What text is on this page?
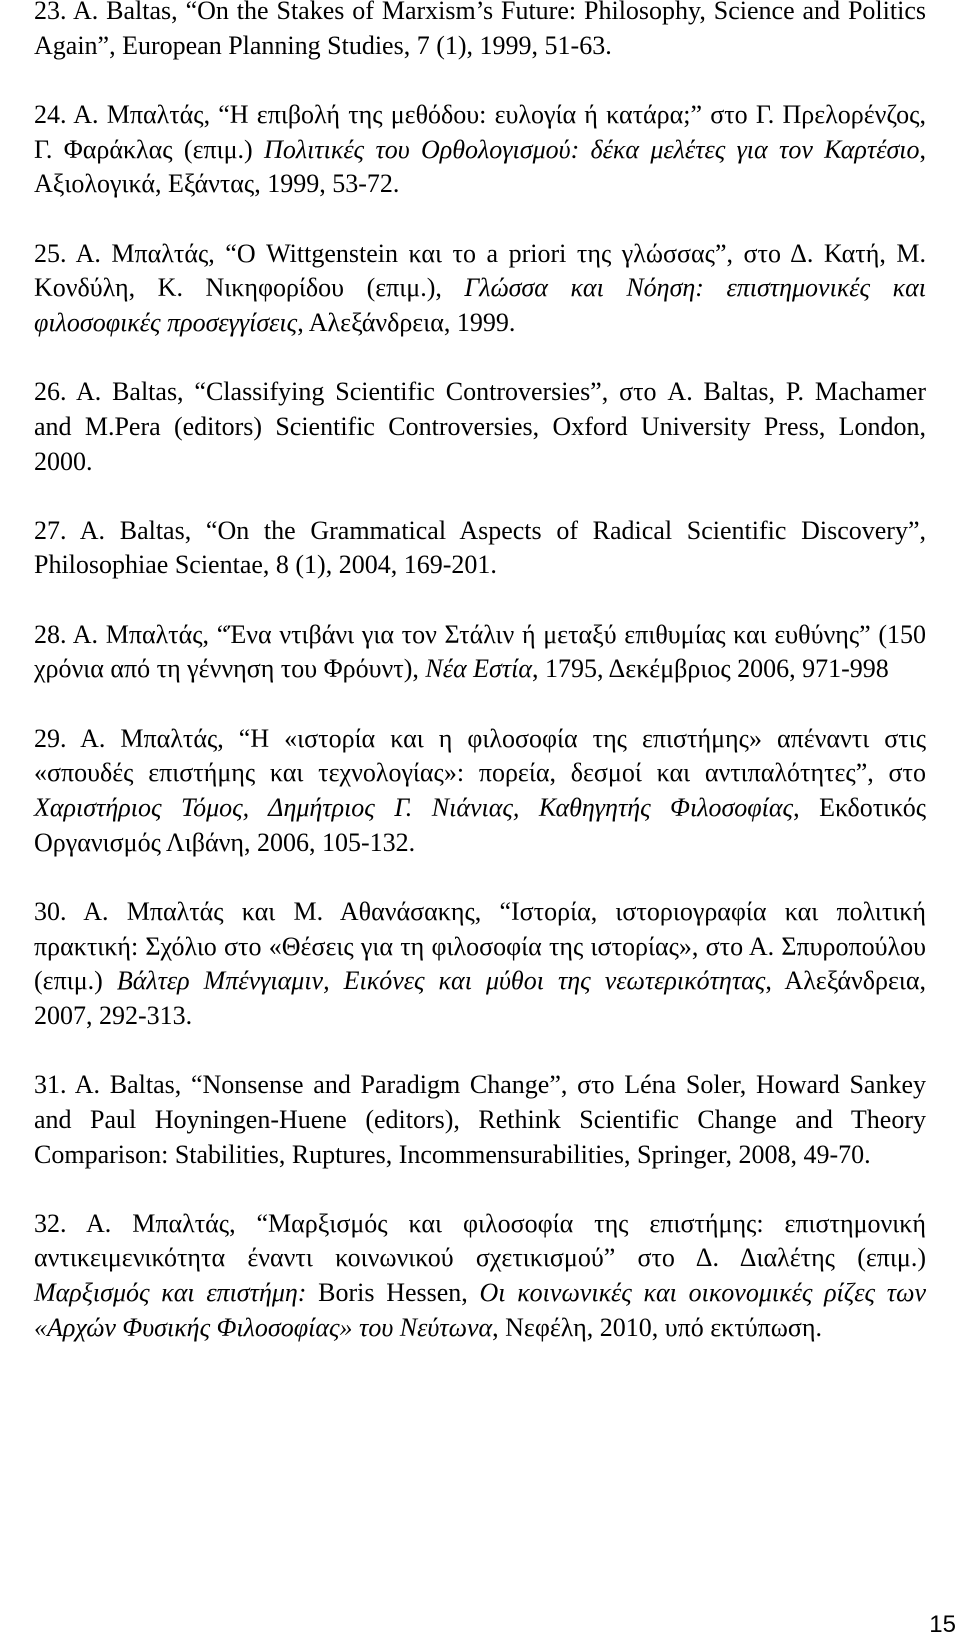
23. A. Baltas, “On the Stakes of Marxism’s Future: Philosophy, Science and Politics Again”, European Planning Studies, 7 (1), 1999, 51-63.

24. Α. Μπαλτάς, “Η επιβολή της μεθόδου: ευλογία ή κατάρα;” στο Γ. Πρελορένζος, Γ. Φαράκλας (επιμ.) Πολιτικές του Ορθολογισμού: δέκα μελέτες για τον Καρτέσιο, Αξιολογικά, Εξάντας, 1999, 53-72.

25. Α. Μπαλτάς, “Ο Wittgenstein και το a priori της γλώσσας”, στο Δ. Κατή, Μ. Κονδύλη, Κ. Νικηφορίδου (επιμ.), Γλώσσα και Νόηση: επιστημονικές και φιλοσοφικές προσεγγίσεις, Αλεξάνδρεια, 1999.

26. A. Baltas, “Classifying Scientific Controversies”, στο A. Baltas, P. Machamer and M.Pera (editors) Scientific Controversies, Oxford University Press, London, 2000.

27. A. Baltas, “On the Grammatical Aspects of Radical Scientific Discovery”, Philosophiae Scientae, 8 (1), 2004, 169-201.

28. Α. Μπαλτάς, “Ένα ντιβάνι για τον Στάλιν ή μεταξύ επιθυμίας και ευθύνης” (150 χρόνια από τη γέννηση του Φρόυντ), Νέα Εστία, 1795, Δεκέμβριος 2006, 971-998

29. Α. Μπαλτάς, “Η «ιστορία και η φιλοσοφία της επιστήμης» απέναντι στις «σπουδές επιστήμης και τεχνολογίας»: πορεία, δεσμοί και αντιπαλότητες”, στο Χαριστήριος Τόμος, Δημήτριος Γ. Νιάνιας, Καθηγητής Φιλοσοφίας, Εκδοτικός Οργανισμός Λιβάνη, 2006, 105-132.

30. Α. Μπαλτάς και Μ. Αθανάσακης, “Ιστορία, ιστοριογραφία και πολιτική πρακτική: Σχόλιο στο «Θέσεις για τη φιλοσοφία της ιστορίας», στο Α. Σπυροπούλου (επιμ.) Βάλτερ Μπένγιαμιν, Εικόνες και μύθοι της νεωτερικότητας, Αλεξάνδρεια, 2007, 292-313.

31. A. Baltas, “Nonsense and Paradigm Change”, στο Léna Soler, Howard Sankey and Paul Hoyningen-Huene (editors), Rethink Scientific Change and Theory Comparison: Stabilities, Ruptures, Incommensurabilities, Springer, 2008, 49-70.

32. Α. Μπαλτάς, “Μαρξισμός και φιλοσοφία της επιστήμης: επιστημονική αντικειμενικότητα έναντι κοινωνικού σχετικισμού” στο Δ. Διαλέτης (επιμ.) Μαρξισμός και επιστήμη: Boris Hessen, Οι κοινωνικές και οικονομικές ρίζες των «Αρχών Φυσικής Φιλοσοφίας» του Νεύτωνα, Νεφέλη, 2010, υπό εκτύπωση.

15
